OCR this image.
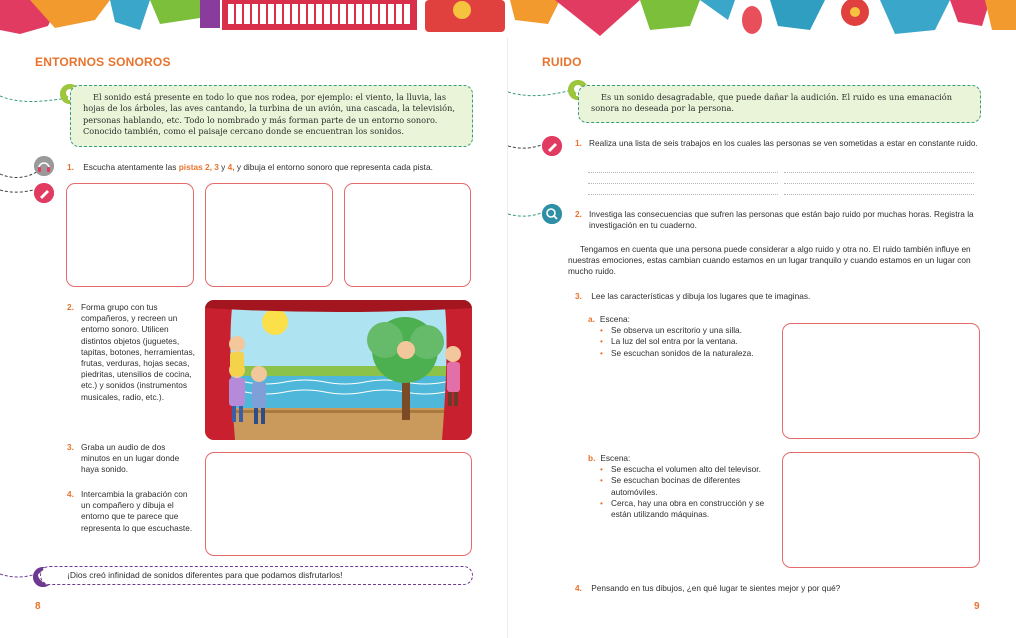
ENTORNOS SONOROS
El sonido está presente en todo lo que nos rodea, por ejemplo: el viento, la lluvia, las hojas de los árboles, las aves cantando, la turbina de un avión, una cascada, la televisión, personas hablando, etc. Todo lo nombrado y más forman parte de un entorno sonoro. Conocido también, como el paisaje cercano donde se encuentran los sonidos.
1. Escucha atentamente las pistas 2, 3 y 4, y dibuja el entorno sonoro que representa cada pista.
2. Forma grupo con tus compañeros, y recreen un entorno sonoro. Utilicen distintos objetos (juguetes, tapitas, botones, herramientas, frutas, verduras, hojas secas, piedritas, utensilios de cocina, etc.) y sonidos (instrumentos musicales, radio, etc.).
3. Graba un audio de dos minutos en un lugar donde haya sonido.
4. Intercambia la grabación con un compañero y dibuja el entorno que te parece que representa lo que escuchaste.
¡Dios creó infinidad de sonidos diferentes para que podamos disfrutarlos!
8
RUIDO
Es un sonido desagradable, que puede dañar la audición. El ruido es una emanación sonora no deseada por la persona.
1. Realiza una lista de seis trabajos en los cuales las personas se ven sometidas a estar en constante ruido.
2. Investiga las consecuencias que sufren las personas que están bajo ruido por muchas horas. Registra la investigación en tu cuaderno.
Tengamos en cuenta que una persona puede considerar a algo ruido y otra no. El ruido también influye en nuestras emociones, estas cambian cuando estamos en un lugar tranquilo y cuando estamos en un lugar con mucho ruido.
3. Lee las características y dibuja los lugares que te imaginas.
a. Escena:
• Se observa un escritorio y una silla.
• La luz del sol entra por la ventana.
• Se escuchan sonidos de la naturaleza.
b. Escena:
• Se escucha el volumen alto del televisor.
• Se escuchan bocinas de diferentes automóviles.
• Cerca, hay una obra en construcción y se están utilizando máquinas.
4. Pensando en tus dibujos, ¿en qué lugar te sientes mejor y por qué?
9
